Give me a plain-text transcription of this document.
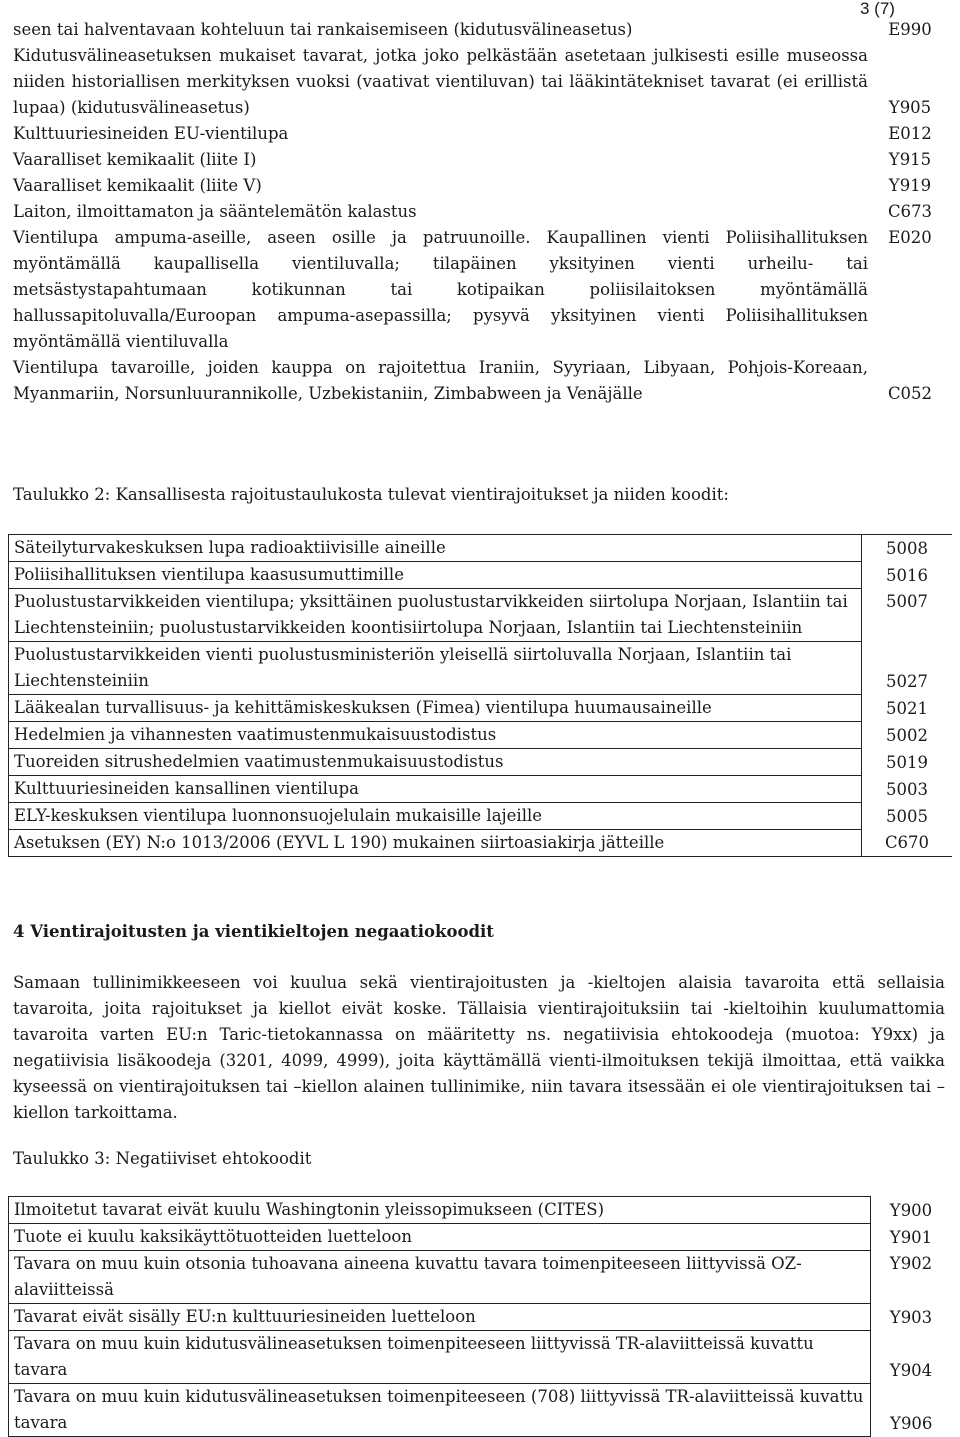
3 (7)
seen tai halventavaan kohteluun tai rankaisemiseen (kidutusvälineasetus)	E990
Kidutusvälineasetuksen mukaiset tavarat, jotka joko pelkästään asetetaan julkisesti esille museossa niiden historiallisen merkityksen vuoksi (vaativat vientiluvan) tai lääkintätekniset tavarat (ei erillistä lupaa) (kidutusvälineasetus)	Y905
Kulttuuriesineiden EU-vientilupa	E012
Vaaralliset kemikaalit (liite I)	Y915
Vaaralliset kemikaalit (liite V)	Y919
Laiton, ilmoittamaton ja sääntelemätön kalastus	C673
Vientilupa ampuma-aseille, aseen osille ja patruunoille. Kaupallinen vienti Poliisihallituksen myöntämällä kaupallisella vientiluvalla; tilapäinen yksityinen vienti urheilu- tai metsästystapahtumaan kotikunnan tai kotipaikan poliisilaitoksen myöntämällä hallussapitoluvalla/Euroopan ampuma-asepassilla; pysyvä yksityinen vienti Poliisihallituksen myöntämällä vientiluvalla	E020
Vientilupa tavaroille, joiden kauppa on rajoitettua Iraniin, Syyriaan, Libyaan, Pohjois-Koreaan, Myanmariin, Norsunluurannikolle, Uzbekistaniin, Zimbabween ja Venäjälle	C052
Taulukko 2: Kansallisesta rajoitustaulukosta tulevat vientirajoitukset ja niiden koodit:
Säteilyturvakeskuksen lupa radioaktiivisille aineille	5008
Poliisihallituksen vientilupa kaasusumuttimille	5016
Puolustustarvikkeiden vientilupa; yksittäinen puolustustarvikkeiden siirtolupa Norjaan, Islantiin tai Liechtensteiniin; puolustustarvikkeiden koontisiirtolupa Norjaan, Islantiin tai Liechtensteiniin	5007
Puolustustarvikkeiden vienti puolustusministeriön yleisellä siirtoluvalla Norjaan, Islantiin tai Liechtensteiniin	5027
Lääkealan turvallisuus- ja kehittämiskeskuksen (Fimea) vientilupa huumausaineille	5021
Hedelmien ja vihannesten vaatimustenmukaisuustodistus	5002
Tuoreiden sitrushedelmien vaatimustenmukaisuustodistus	5019
Kulttuuriesineiden kansallinen vientilupa	5003
ELY-keskuksen vientilupa luonnonsuojelulain mukaisille lajeille	5005
Asetuksen (EY) N:o 1013/2006 (EYVL L 190) mukainen siirtoasiakirja jätteille	C670
4 Vientirajoitusten ja vientikieltojen negaatiokoodit
Samaan tullinimikkeeseen voi kuulua sekä vientirajoitusten ja -kieltojen alaisia tavaroita että sellaisia tavaroita, joita rajoitukset ja kiellot eivät koske. Tällaisia vientirajoituksiin tai -kieltoihin kuulumattomia tavaroita varten EU:n Taric-tietokannassa on määritetty ns. negatiivisia ehtokoodeja (muotoa: Y9xx) ja negatiivisia lisäkoodeja (3201, 4099, 4999), joita käyttämällä vienti-ilmoituksen tekijä ilmoittaa, että vaikka kyseessä on vientirajoituksen tai –kiellon alainen tullinimike, niin tavara itsessään ei ole vientirajoituksen tai –kiellon tarkoittama.
Taulukko 3: Negatiiviset ehtokoodit
Ilmoitetut tavarat eivät kuulu Washingtonin yleissopimukseen (CITES)	Y900
Tuote ei kuulu kaksikäyttötuotteiden luetteloon	Y901
Tavara on muu kuin otsonia tuhoavana aineena kuvattu tavara toimenpiteeseen liittyvissä OZ-alaviitteissä	Y902
Tavarat eivät sisälly EU:n kulttuuriesineiden luetteloon	Y903
Tavara on muu kuin kidutusvälineasetuksen toimenpiteeseen liittyvissä TR-alaviitteissä kuvattu tavara	Y904
Tavara on muu kuin kidutusvälineasetuksen toimenpiteeseen (708) liittyvissä TR-alaviitteissä kuvattu tavara	Y906
